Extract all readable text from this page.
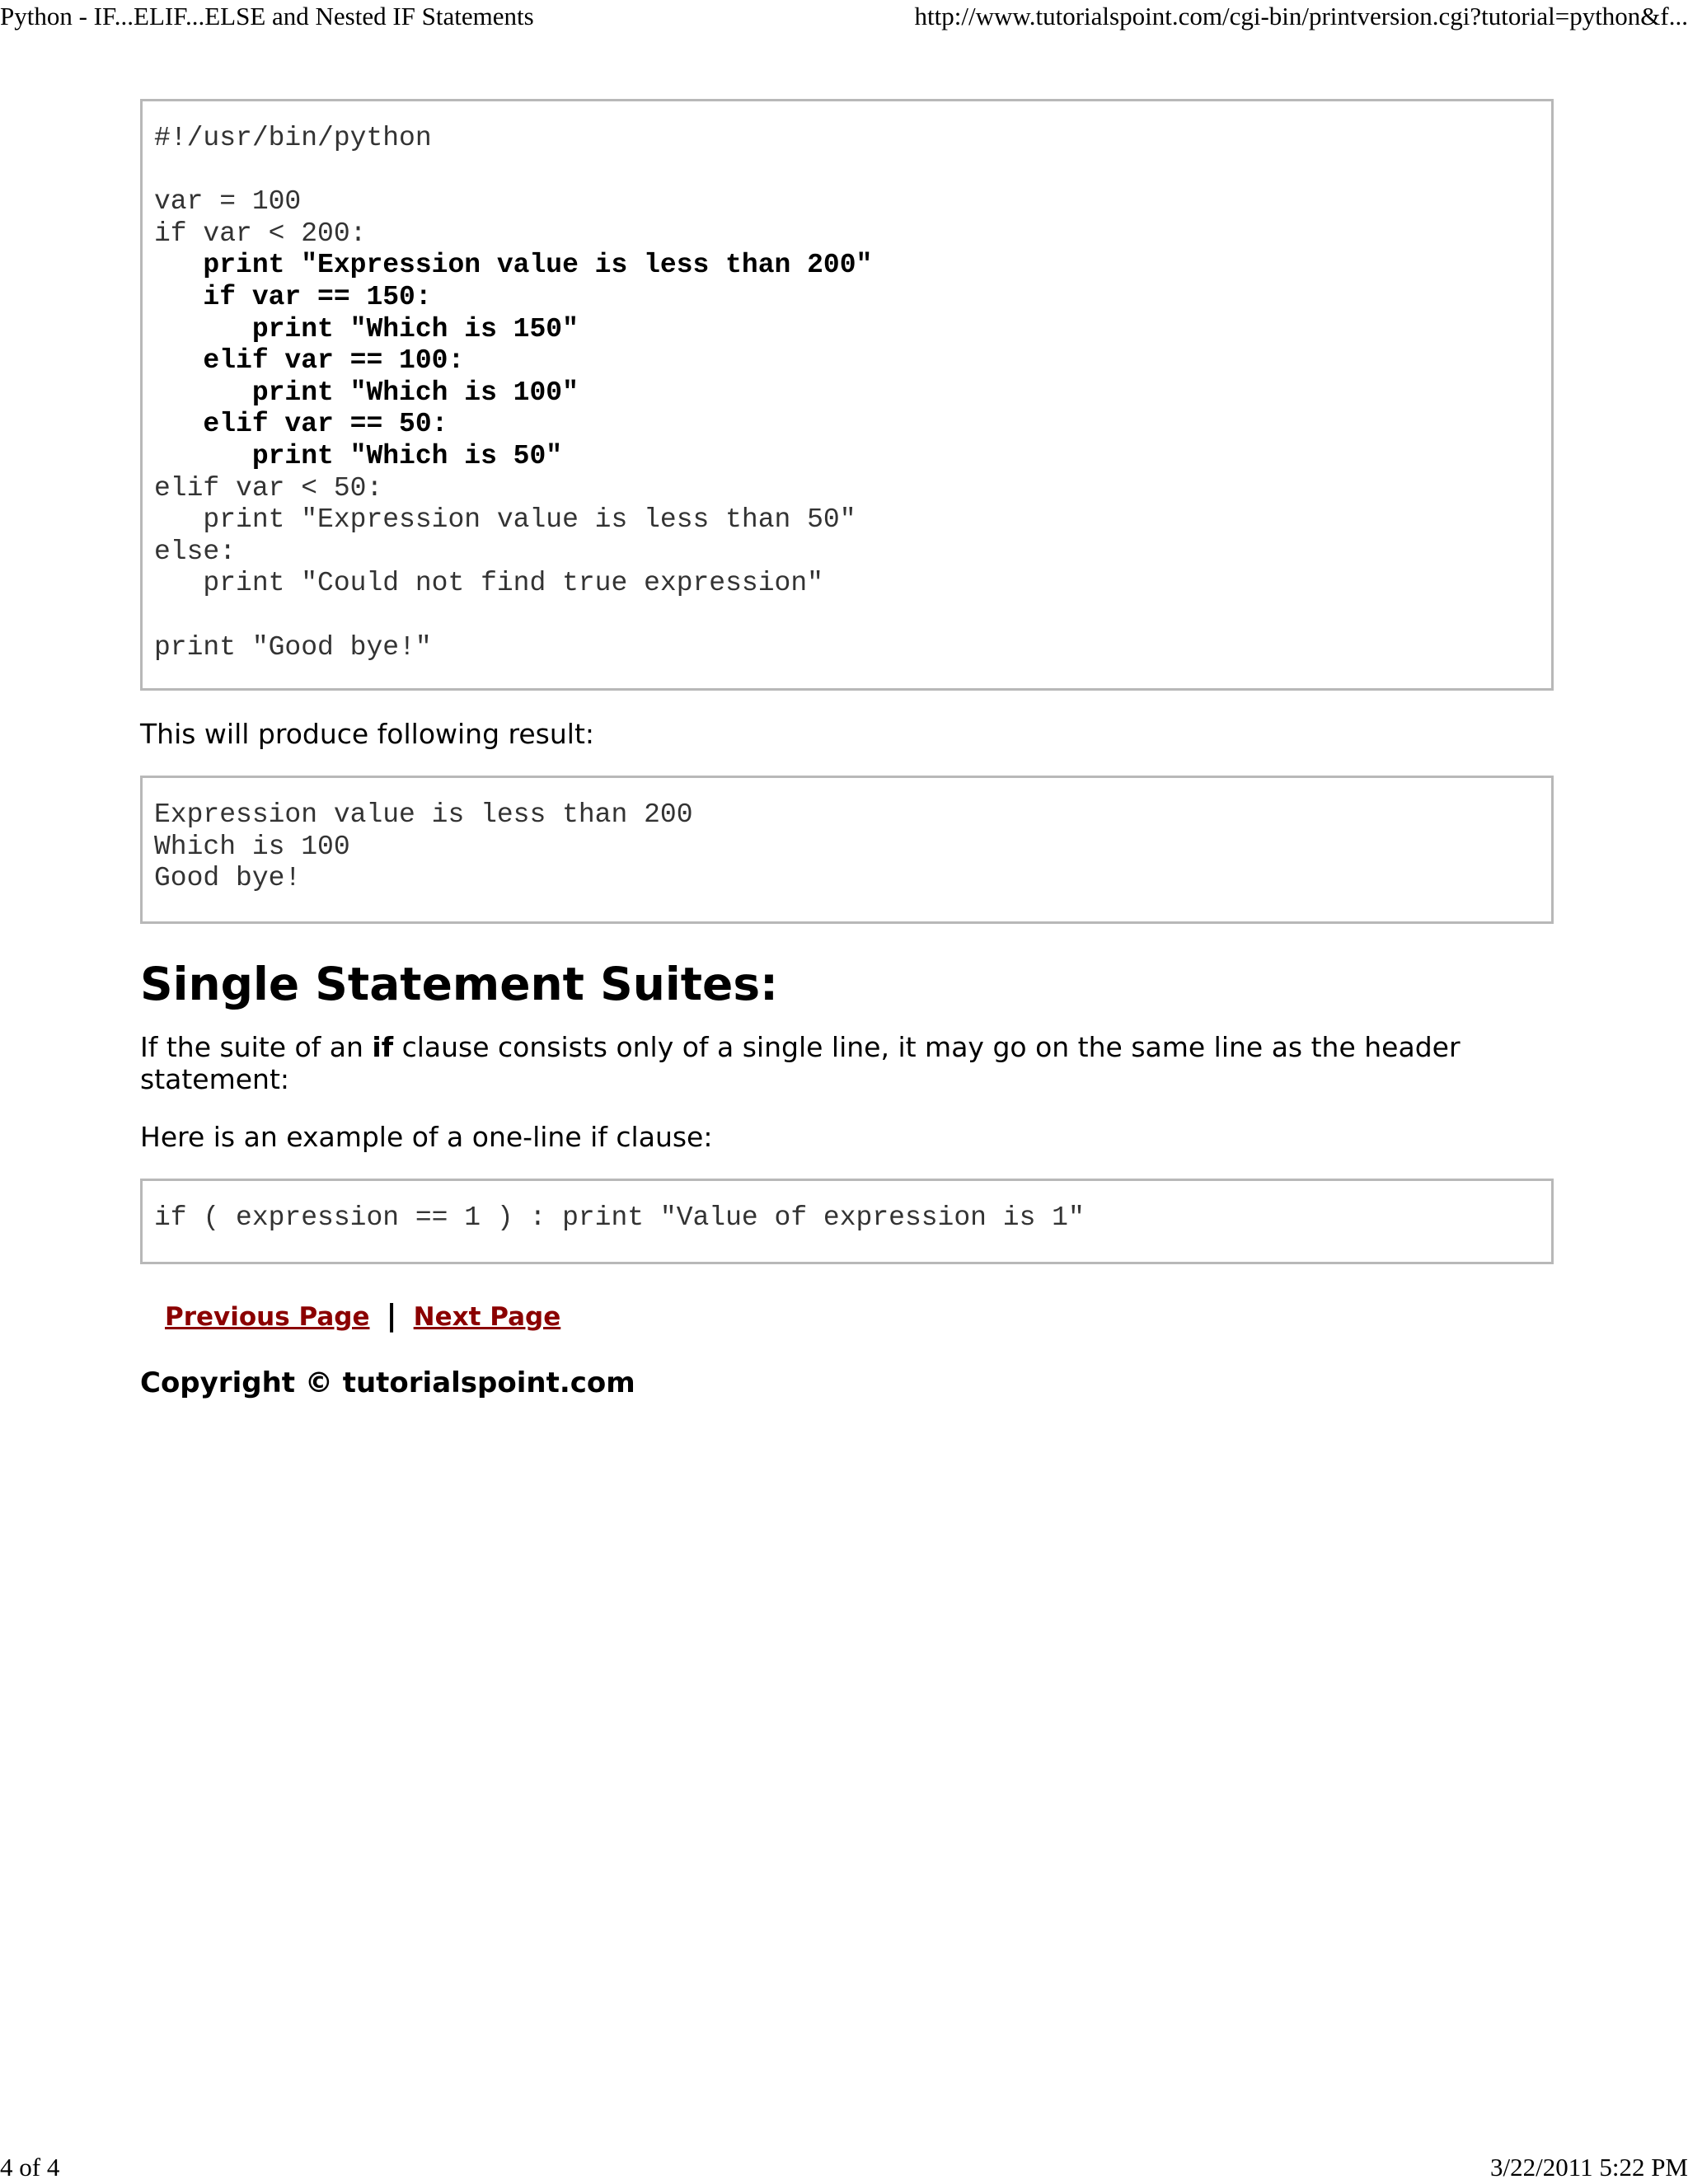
Python - IF...ELIF...ELSE and Nested IF Statements	http://www.tutorialspoint.com/cgi-bin/printversion.cgi?tutorial=python&f...
#!/usr/bin/python
var = 100
if var < 200:
print "Expression value is less than 200"
if var == 150:
print "Which is 150"
elif var == 100:
print "Which is 100"
elif var == 50:
print "Which is 50"
elif var < 50:
print "Expression value is less than 50"
else:
print "Could not find true expression"
print "Good bye!"

This will produce following result:

Expression value is less than 200
Which is 100
Good bye!
Single Statement Suites:

If the suite of an if clause consists only of a single line, it may go on the same line as the header statement:

Here is an example of a one-line if clause:

if ( expression == 1 ) : print "Value of expression is 1"
Previous Page | Next Page

Copyright © tutorialspoint.com

4 of 4	3/22/2011 5:22 PM
